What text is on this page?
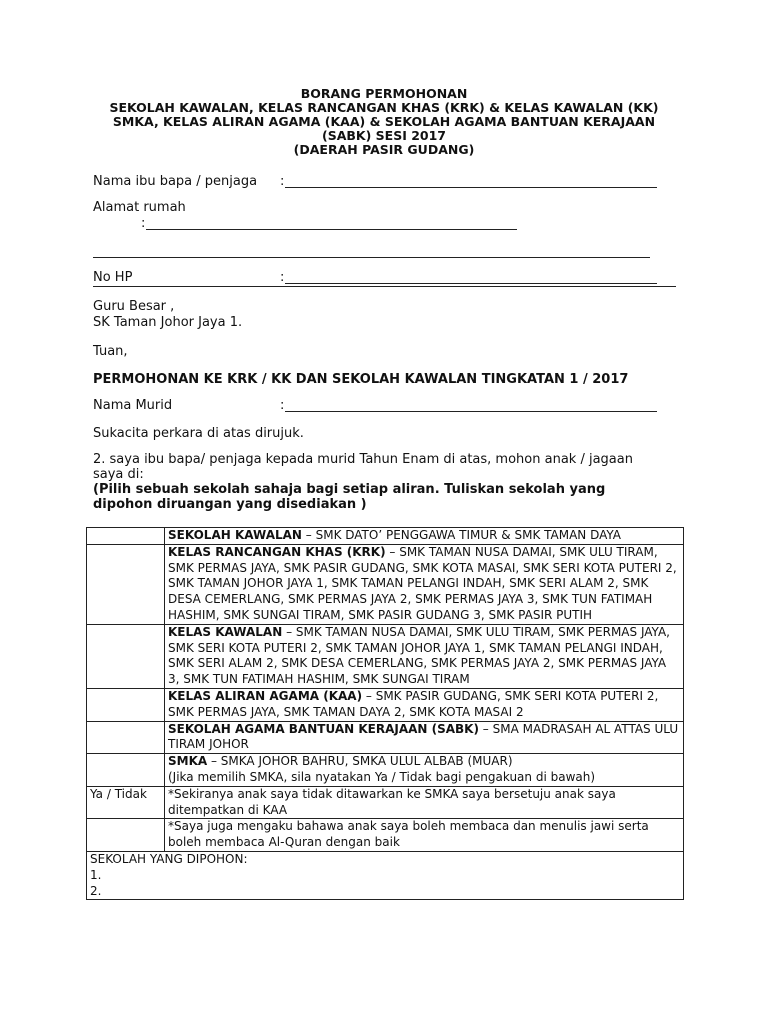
BORANG PERMOHONAN
SEKOLAH KAWALAN, KELAS RANCANGAN KHAS (KRK) & KELAS KAWALAN (KK)
SMKA, KELAS ALIRAN AGAMA (KAA) & SEKOLAH AGAMA BANTUAN KERAJAAN
(SABK) SESI 2017
(DAERAH PASIR GUDANG)
Nama ibu bapa / penjaga :
Alamat rumah
:
No HP	:
Guru Besar ,
SK Taman Johor Jaya 1.
Tuan,
PERMOHONAN KE KRK / KK DAN SEKOLAH KAWALAN TINGKATAN 1 / 2017
Nama Murid	:
Sukacita perkara di atas dirujuk.
2. saya ibu bapa/ penjaga kepada murid Tahun Enam di atas, mohon anak / jagaan
saya di:
(Pilih sebuah sekolah sahaja bagi setiap aliran. Tuliskan sekolah yang
dipohon diruangan yang disediakan )
	SEKOLAH KAWALAN – SMK DATO’ PENGGAWA TIMUR & SMK TAMAN DAYA
	KELAS RANCANGAN KHAS (KRK) – SMK TAMAN NUSA DAMAI, SMK ULU TIRAM, SMK PERMAS JAYA, SMK PASIR GUDANG, SMK KOTA MASAI, SMK SERI KOTA PUTERI 2, SMK TAMAN JOHOR JAYA 1, SMK TAMAN PELANGI INDAH, SMK SERI ALAM 2, SMK DESA CEMERLANG, SMK PERMAS JAYA 2, SMK PERMAS JAYA 3, SMK TUN FATIMAH HASHIM, SMK SUNGAI TIRAM, SMK PASIR GUDANG 3, SMK PASIR PUTIH
	KELAS KAWALAN – SMK TAMAN NUSA DAMAI, SMK ULU TIRAM, SMK PERMAS JAYA, SMK SERI KOTA PUTERI 2, SMK TAMAN JOHOR JAYA 1, SMK TAMAN PELANGI INDAH, SMK SERI ALAM 2, SMK DESA CEMERLANG, SMK PERMAS JAYA 2, SMK PERMAS JAYA 3, SMK TUN FATIMAH HASHIM, SMK SUNGAI TIRAM
	KELAS ALIRAN AGAMA (KAA) – SMK PASIR GUDANG, SMK SERI KOTA PUTERI 2, SMK PERMAS JAYA, SMK TAMAN DAYA 2, SMK KOTA MASAI 2
	SEKOLAH AGAMA BANTUAN KERAJAAN (SABK) – SMA MADRASAH AL ATTAS ULU TIRAM JOHOR
	SMKA – SMKA JOHOR BAHRU, SMKA ULUL ALBAB (MUAR)
(Jika memilih SMKA, sila nyatakan Ya / Tidak bagi pengakuan di bawah)
Ya / Tidak	*Sekiranya anak saya tidak ditawarkan ke SMKA saya bersetuju anak saya ditempatkan di KAA
	*Saya juga mengaku bahawa anak saya boleh membaca dan menulis jawi serta boleh membaca Al-Quran dengan baik

SEKOLAH YANG DIPOHON:
1.
2.	
